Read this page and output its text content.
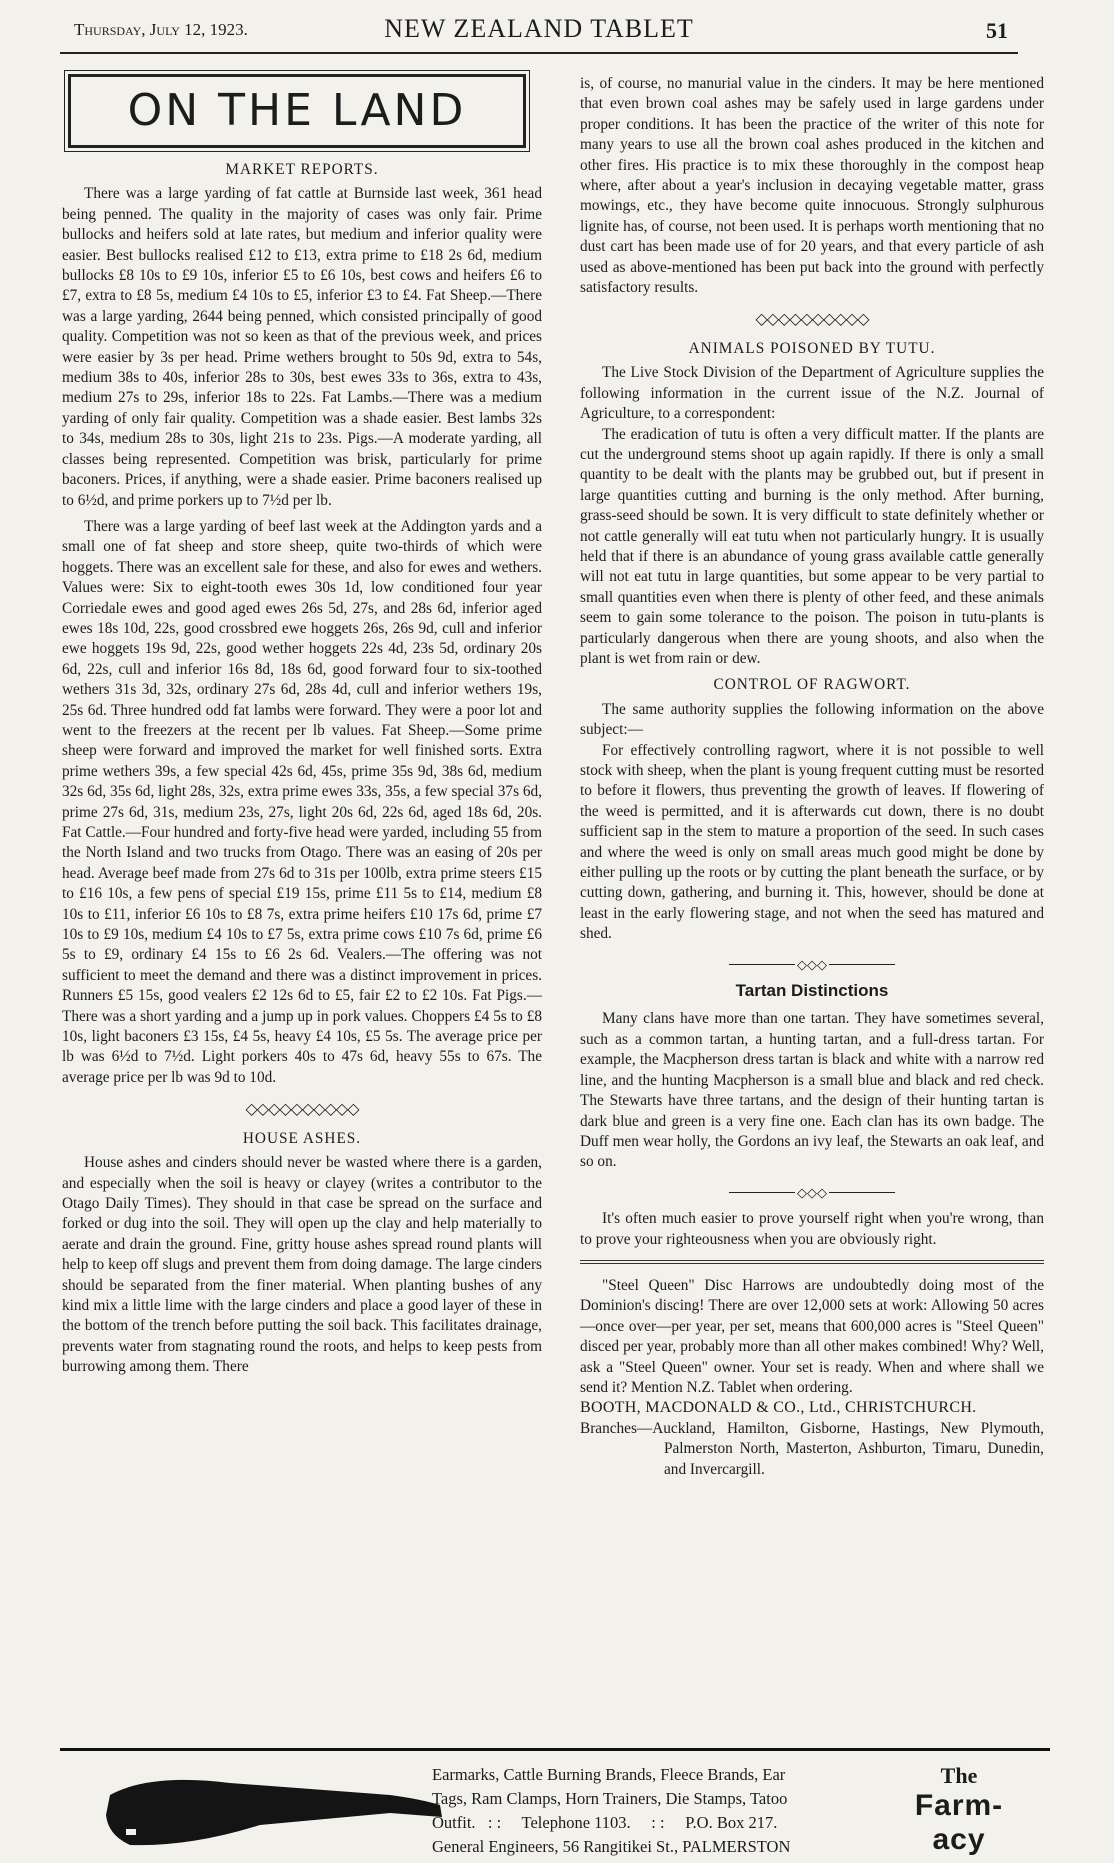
Thursday, July 12, 1923.	NEW ZEALAND TABLET	51
ON THE LAND
MARKET REPORTS.

There was a large yarding of fat cattle at Burnside last week, 361 head being penned. The quality in the majority of cases was only fair. Prime bullocks and heifers sold at late rates, but medium and inferior quality were easier. Best bullocks realised £12 to £13, extra prime to £18 2s 6d, medium bullocks £8 10s to £9 10s, inferior £5 to £6 10s, best cows and heifers £6 to £7, extra to £8 5s, medium £4 10s to £5, inferior £3 to £4. Fat Sheep.—There was a large yarding, 2644 being penned, which consisted principally of good quality. Competition was not so keen as that of the previous week, and prices were easier by 3s per head. Prime wethers brought to 50s 9d, extra to 54s, medium 38s to 40s, inferior 28s to 30s, best ewes 33s to 36s, extra to 43s, medium 27s to 29s, inferior 18s to 22s. Fat Lambs.—There was a medium yarding of only fair quality. Competition was a shade easier. Best lambs 32s to 34s, medium 28s to 30s, light 21s to 23s. Pigs.—A moderate yarding, all classes being represented. Competition was brisk, particularly for prime baconers. Prices, if anything, were a shade easier. Prime baconers realised up to 6½d, and prime porkers up to 7½d per lb.

There was a large yarding of beef last week at the Addington yards and a small one of fat sheep and store sheep, quite two-thirds of which were hoggets. There was an excellent sale for these, and also for ewes and wethers. Values were: Six to eight-tooth ewes 30s 1d, low conditioned four year Corriedale ewes and good aged ewes 26s 5d, 27s, and 28s 6d, inferior aged ewes 18s 10d, 22s, good crossbred ewe hoggets 26s, 26s 9d, cull and inferior ewe hoggets 19s 9d, 22s, good wether hoggets 22s 4d, 23s 5d, ordinary 20s 6d, 22s, cull and inferior 16s 8d, 18s 6d, good forward four to six-toothed wethers 31s 3d, 32s, ordinary 27s 6d, 28s 4d, cull and inferior wethers 19s, 25s 6d. Three hundred odd fat lambs were forward. They were a poor lot and went to the freezers at the recent per lb values. Fat Sheep.—Some prime sheep were forward and improved the market for well finished sorts. Extra prime wethers 39s, a few special 42s 6d, 45s, prime 35s 9d, 38s 6d, medium 32s 6d, 35s 6d, light 28s, 32s, extra prime ewes 33s, 35s, a few special 37s 6d, prime 27s 6d, 31s, medium 23s, 27s, light 20s 6d, 22s 6d, aged 18s 6d, 20s. Fat Cattle.—Four hundred and forty-five head were yarded, including 55 from the North Island and two trucks from Otago. There was an easing of 20s per head. Average beef made from 27s 6d to 31s per 100lb, extra prime steers £15 to £16 10s, a few pens of special £19 15s, prime £11 5s to £14, medium £8 10s to £11, inferior £6 10s to £8 7s, extra prime heifers £10 17s 6d, prime £7 10s to £9 10s, medium £4 10s to £7 5s, extra prime cows £10 7s 6d, prime £6 5s to £9, ordinary £4 15s to £6 2s 6d. Vealers.—The offering was not sufficient to meet the demand and there was a distinct improvement in prices. Runners £5 15s, good vealers £2 12s 6d to £5, fair £2 to £2 10s. Fat Pigs.—There was a short yarding and a jump up in pork values. Choppers £4 5s to £8 10s, light baconers £3 15s, £4 5s, heavy £4 10s, £5 5s. The average price per lb was 6½d to 7½d. Light porkers 40s to 47s 6d, heavy 55s to 67s. The average price per lb was 9d to 10d.

◇◇◇◇◇◇◇◇◇◇
HOUSE ASHES.

House ashes and cinders should never be wasted where there is a garden, and especially when the soil is heavy or clayey (writes a contributor to the Otago Daily Times). They should in that case be spread on the surface and forked or dug into the soil. They will open up the clay and help materially to aerate and drain the ground. Fine, gritty house ashes spread round plants will help to keep off slugs and prevent them from doing damage. The large cinders should be separated from the finer material. When planting bushes of any kind mix a little lime with the large cinders and place a good layer of these in the bottom of the trench before putting the soil back. This facilitates drainage, prevents water from stagnating round the roots, and helps to keep pests from burrowing among them. There

is, of course, no manurial value in the cinders. It may be here mentioned that even brown coal ashes may be safely used in large gardens under proper conditions. It has been the practice of the writer of this note for many years to use all the brown coal ashes produced in the kitchen and other fires. His practice is to mix these thoroughly in the compost heap where, after about a year's inclusion in decaying vegetable matter, grass mowings, etc., they have become quite innocuous. Strongly sulphurous lignite has, of course, not been used. It is perhaps worth mentioning that no dust cart has been made use of for 20 years, and that every particle of ash used as above-mentioned has been put back into the ground with perfectly satisfactory results.

◇◇◇◇◇◇◇◇◇◇
ANIMALS POISONED BY TUTU.

The Live Stock Division of the Department of Agriculture supplies the following information in the current issue of the N.Z. Journal of Agriculture, to a correspondent:

The eradication of tutu is often a very difficult matter. If the plants are cut the underground stems shoot up again rapidly. If there is only a small quantity to be dealt with the plants may be grubbed out, but if present in large quantities cutting and burning is the only method. After burning, grass-seed should be sown. It is very difficult to state definitely whether or not cattle generally will eat tutu when not particularly hungry. It is usually held that if there is an abundance of young grass available cattle generally will not eat tutu in large quantities, but some appear to be very partial to small quantities even when there is plenty of other feed, and these animals seem to gain some tolerance to the poison. The poison in tutu-plants is particularly dangerous when there are young shoots, and also when the plant is wet from rain or dew.

CONTROL OF RAGWORT.

The same authority supplies the following information on the above subject:—

For effectively controlling ragwort, where it is not possible to well stock with sheep, when the plant is young frequent cutting must be resorted to before it flowers, thus preventing the growth of leaves. If flowering of the weed is permitted, and it is afterwards cut down, there is no doubt sufficient sap in the stem to mature a proportion of the seed. In such cases and where the weed is only on small areas much good might be done by either pulling up the roots or by cutting the plant beneath the surface, or by cutting down, gathering, and burning it. This, however, should be done at least in the early flowering stage, and not when the seed has matured and shed.

◇◇◇
Tartan Distinctions

Many clans have more than one tartan. They have sometimes several, such as a common tartan, a hunting tartan, and a full-dress tartan. For example, the Macpherson dress tartan is black and white with a narrow red line, and the hunting Macpherson is a small blue and black and red check. The Stewarts have three tartans, and the design of their hunting tartan is dark blue and green is a very fine one. Each clan has its own badge. The Duff men wear holly, the Gordons an ivy leaf, the Stewarts an oak leaf, and so on.

◇◇◇

It's often much easier to prove yourself right when you're wrong, than to prove your righteousness when you are obviously right.

"Steel Queen" Disc Harrows are undoubtedly doing most of the Dominion's discing! There are over 12,000 sets at work: Allowing 50 acres—once over—per year, per set, means that 600,000 acres is "Steel Queen" disced per year, probably more than all other makes combined! Why? Well, ask a "Steel Queen" owner. Your set is ready. When and where shall we send it? Mention N.Z. Tablet when ordering.

BOOTH, MACDONALD & CO., Ltd., CHRISTCHURCH.

Branches—Auckland, Hamilton, Gisborne, Hastings, New Plymouth, Palmerston North, Masterton, Ashburton, Timaru, Dunedin, and Invercargill.

Earmarks, Cattle Burning Brands, Fleece Brands, Ear
Tags, Ram Clamps, Horn Trainers, Die Stamps, Tatoo
Outfit.   : :     Telephone 1103.     : :     P.O. Box 217.
General Engineers, 56 Rangitikei St., PALMERSTON
The
Farm-acy
